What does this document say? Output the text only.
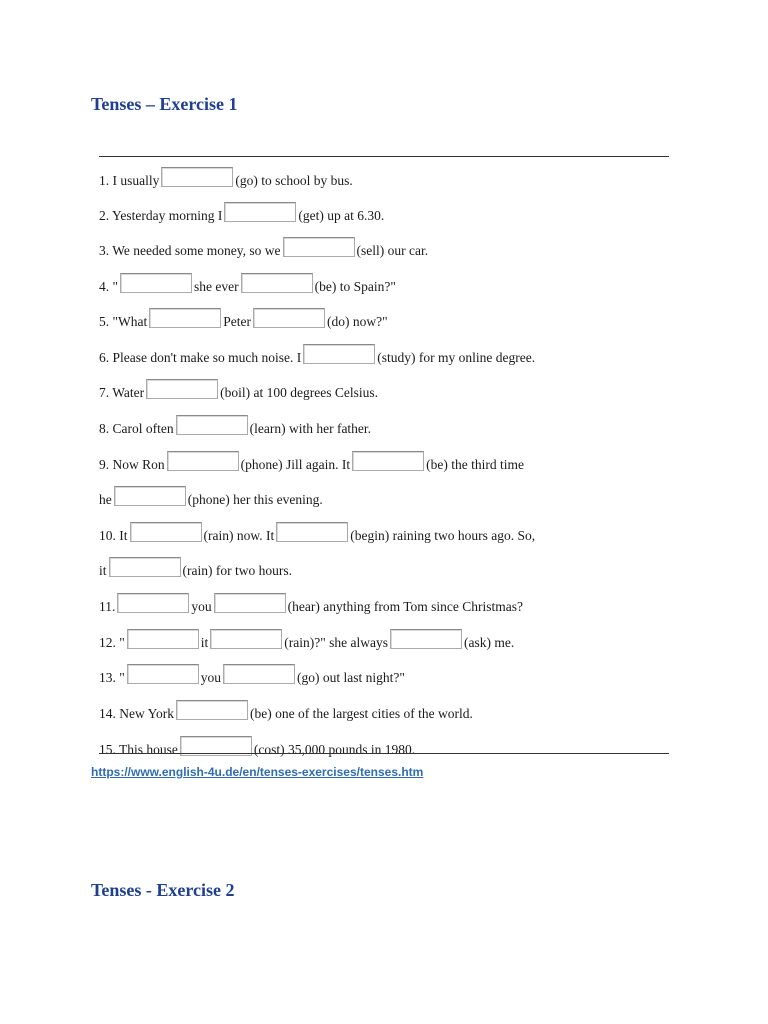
Tenses – Exercise 1
1. I usually	(go) to school by bus.
2. Yesterday morning I	(get) up at 6.30.
3. We needed some money, so we	(sell) our car.
4. "	she ever	(be) to Spain?"
5. "What	Peter	(do) now?"
6. Please don't make so much noise. I	(study) for my online degree.
7. Water	(boil) at 100 degrees Celsius.
8. Carol often	(learn) with her father.
9. Now Ron	(phone) Jill again. It	(be) the third time
he	(phone) her this evening.
10. It	(rain) now. It	(begin) raining two hours ago. So,
it	(rain) for two hours.
11.	you	(hear) anything from Tom since Christmas?
12. "	it	(rain)?" she always	(ask) me.
13. "	you	(go) out last night?"
14. New York	(be) one of the largest cities of the world.
15. This house	(cost) 35,000 pounds in 1980.
https://www.english-4u.de/en/tenses-exercises/tenses.htm
Tenses - Exercise 2
